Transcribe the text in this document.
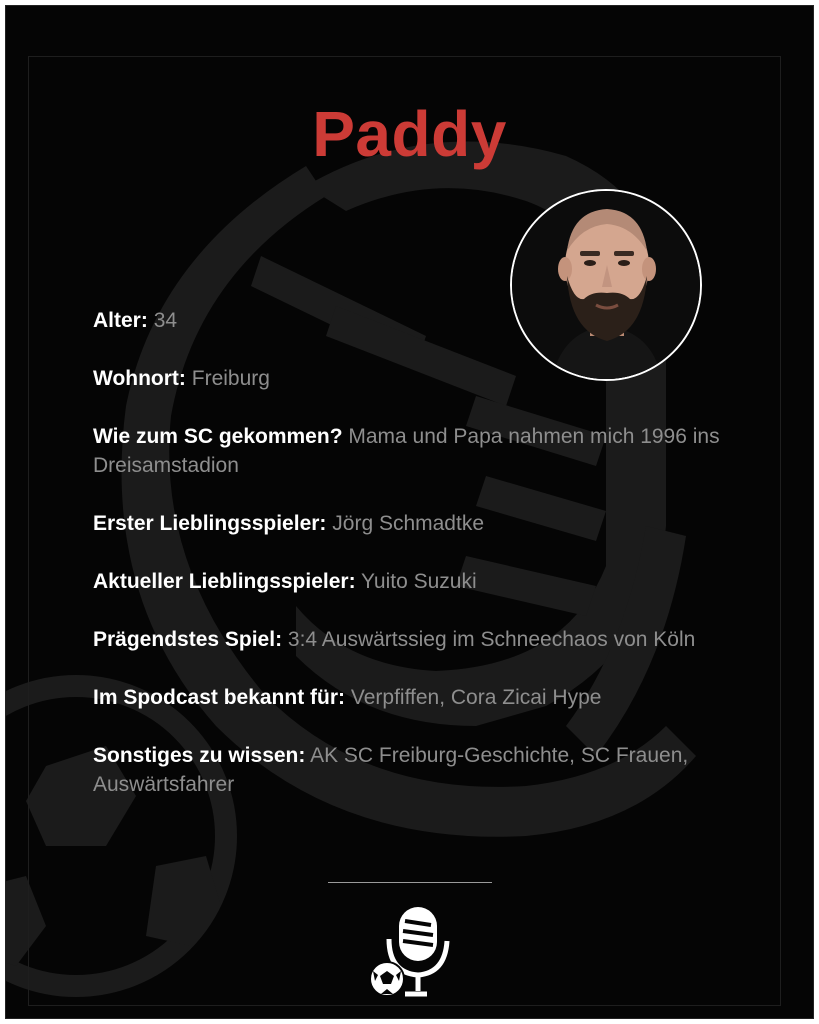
Paddy

Alter: 34

Wohnort: Freiburg

Wie zum SC gekommen? Mama und Papa nahmen mich 1996 ins Dreisamstadion

Erster Lieblingsspieler: Jörg Schmadtke

Aktueller Lieblingsspieler: Yuito Suzuki

Prägendstes Spiel: 3:4 Auswärtssieg im Schneechaos von Köln

Im Spodcast bekannt für: Verpfiffen, Cora Zicai Hype

Sonstiges zu wissen: AK SC Freiburg-Geschichte, SC Frauen, Auswärtsfahrer
